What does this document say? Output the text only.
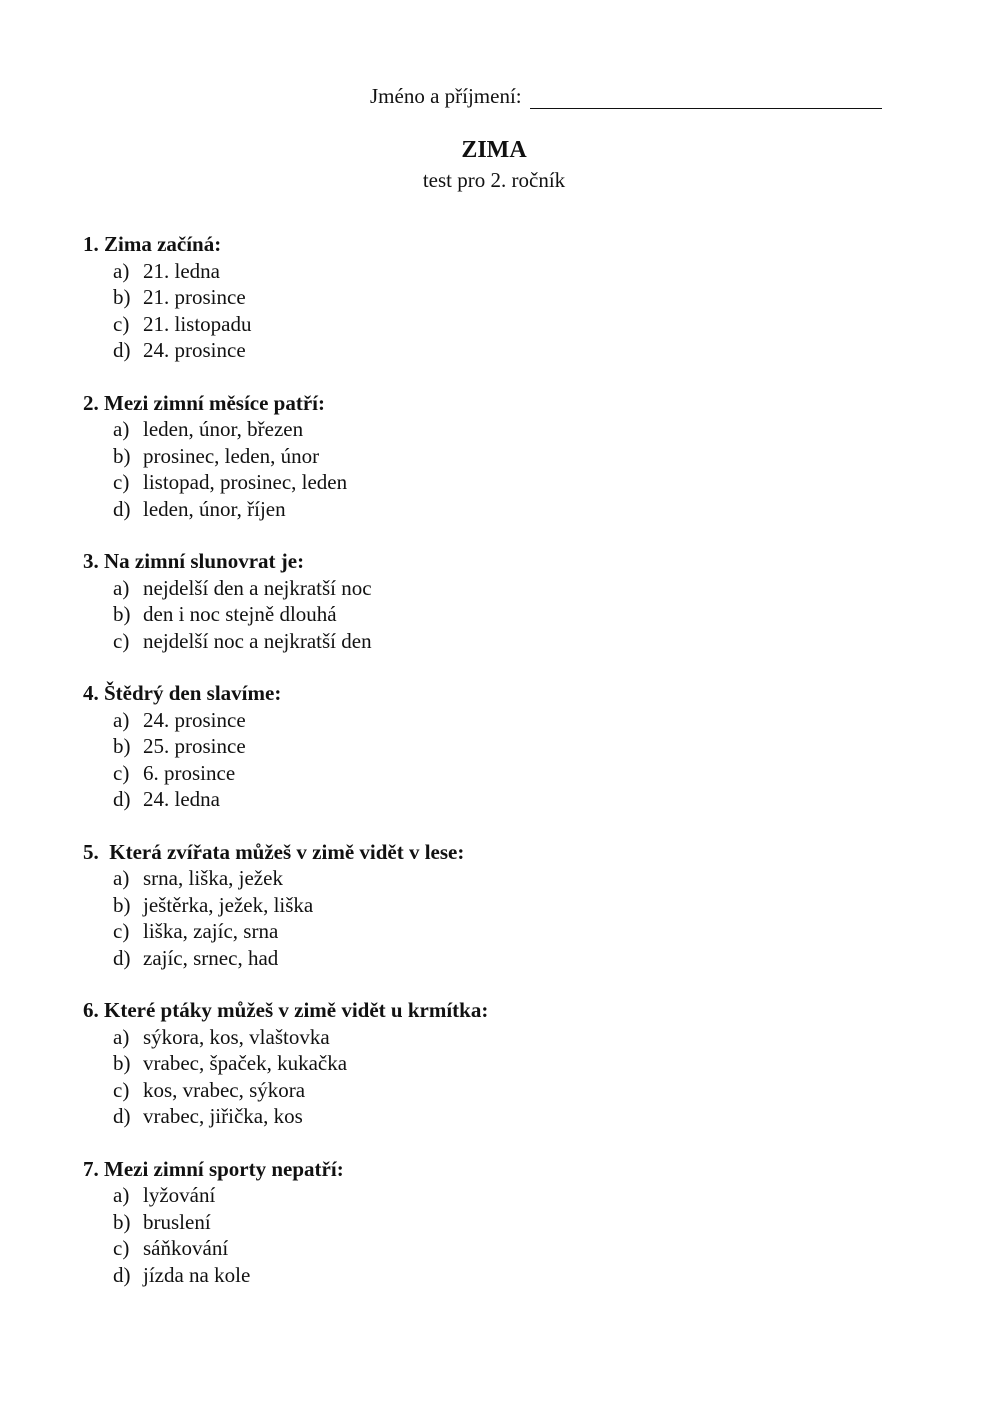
Jméno a příjmení:
ZIMA
test pro 2. ročník
1. Zima začíná:
a) 21. ledna
b) 21. prosince
c) 21. listopadu
d) 24. prosince
2. Mezi zimní měsíce patří:
a) leden, únor, březen
b) prosinec, leden, únor
c) listopad, prosinec, leden
d) leden, únor, říjen
3. Na zimní slunovrat je:
a) nejdelší den a nejkratší noc
b) den i noc stejně dlouhá
c) nejdelší noc a nejkratší den
4. Štědrý den slavíme:
a) 24. prosince
b) 25. prosince
c) 6. prosince
d) 24. ledna
5.  Která zvířata můžeš v zimě vidět v lese:
a) srna, liška, ježek
b) ještěrka, ježek, liška
c) liška, zajíc, srna
d) zajíc, srnec, had
6. Které ptáky můžeš v zimě vidět u krmítka:
a) sýkora, kos, vlaštovka
b) vrabec, špaček, kukačka
c) kos, vrabec, sýkora
d) vrabec, jiřička, kos
7. Mezi zimní sporty nepatří:
a) lyžování
b) bruslení
c) sáňkování
d) jízda na kole
